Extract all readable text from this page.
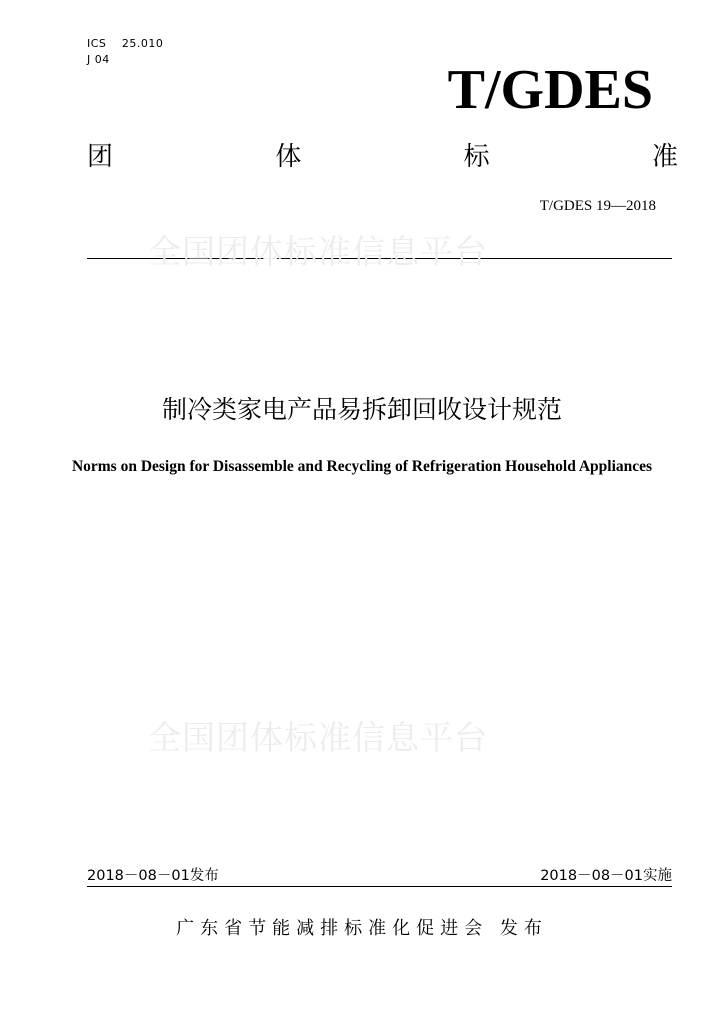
ICS　 25.010
J 04	T/GDES
团	体	标	准
T/GDES 19—2018
全国团体标准信息平台
全国团体标准信息平台
制冷类家电产品易拆卸回收设计规范
Norms on Design for Disassemble and Recycling of Refrigeration Household Appliances
2018－08－01发布	2018－08－01实施
广东省节能减排标准化促进会 发布
